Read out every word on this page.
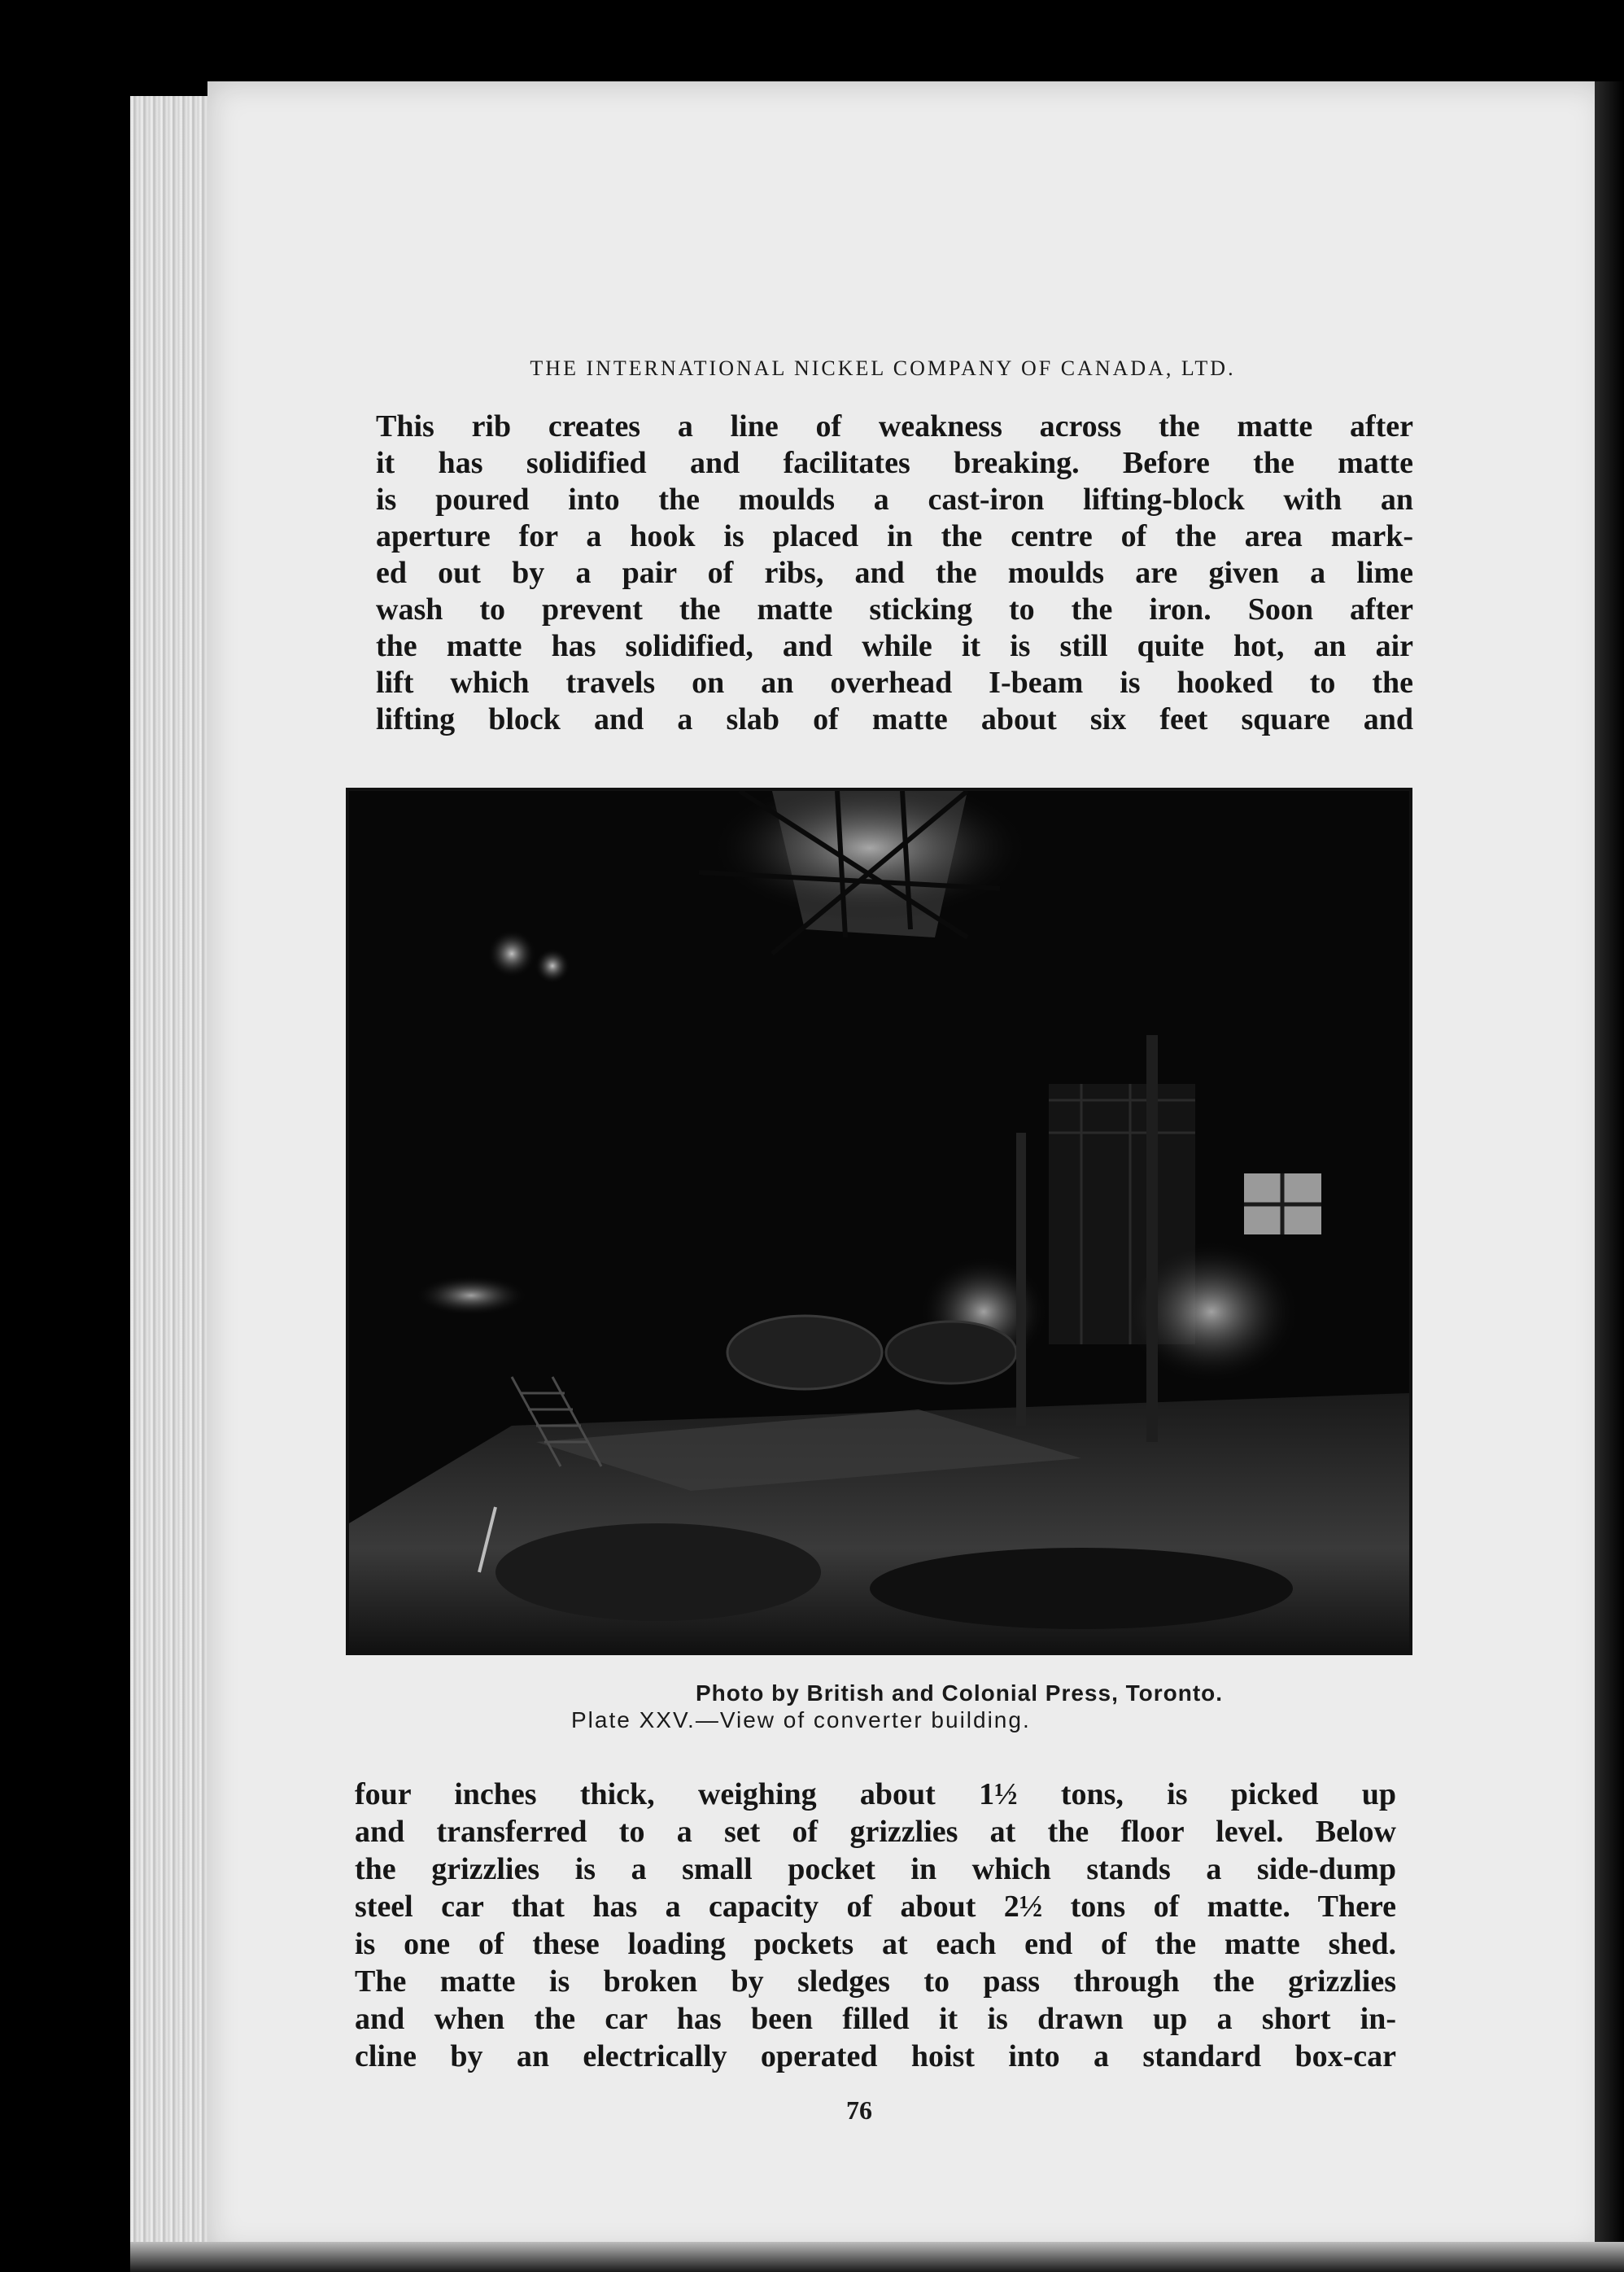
THE INTERNATIONAL NICKEL COMPANY OF CANADA, LTD.
This rib creates a line of weakness across the matte after
it has solidified and facilitates breaking. Before the matte
is poured into the moulds a cast-iron lifting-block with an
aperture for a hook is placed in the centre of the area mark-
ed out by a pair of ribs, and the moulds are given a lime
wash to prevent the matte sticking to the iron. Soon after
the matte has solidified, and while it is still quite hot, an air
lift which travels on an overhead I-beam is hooked to the
lifting block and a slab of matte about six feet square and
Photo by British and Colonial Press, Toronto.
Plate XXV.—View of converter building.
four inches thick, weighing about 1½ tons, is picked up
and transferred to a set of grizzlies at the floor level. Below
the grizzlies is a small pocket in which stands a side-dump
steel car that has a capacity of about 2½ tons of matte. There
is one of these loading pockets at each end of the matte shed.
The matte is broken by sledges to pass through the grizzlies
and when the car has been filled it is drawn up a short in-
cline by an electrically operated hoist into a standard box-car
76
